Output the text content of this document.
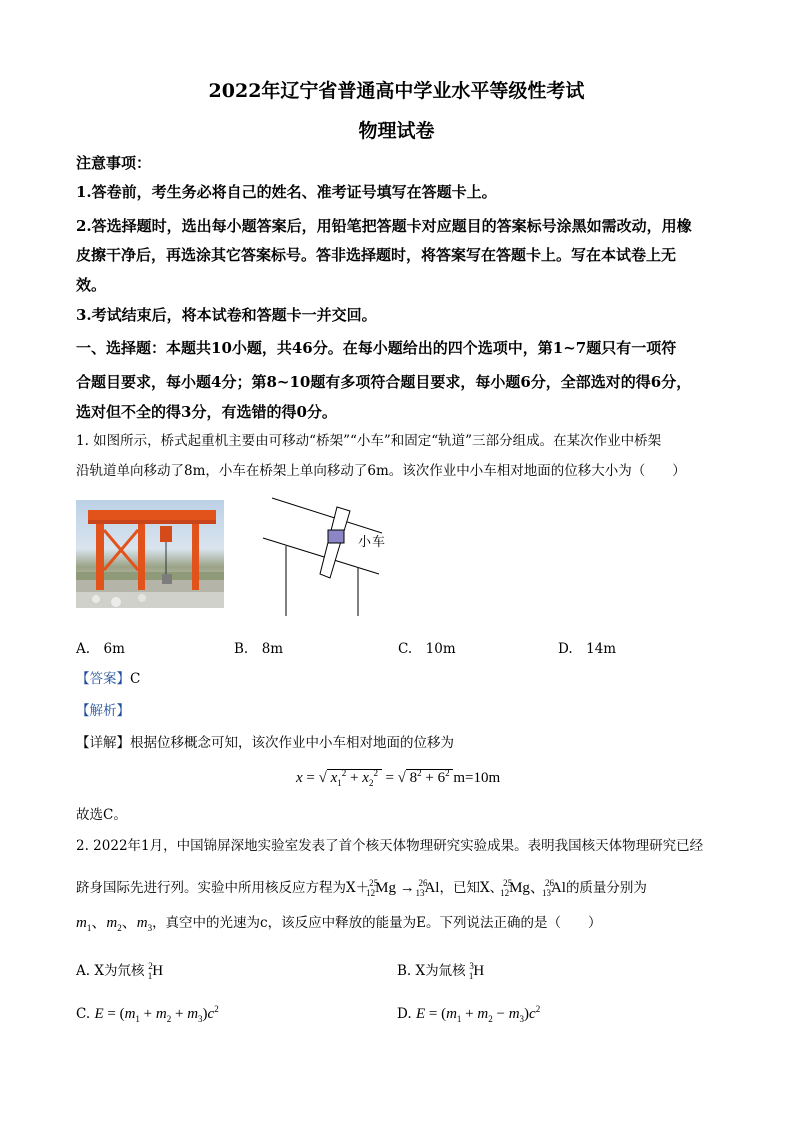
2022年辽宁省普通高中学业水平等级性考试
物理试卷
注意事项：
1.答卷前，考生务必将自己的姓名、准考证号填写在答题卡上。
2.答选择题时，选出每小题答案后，用铅笔把答题卡对应题目的答案标号涂黑如需改动，用橡
皮擦干净后，再选涂其它答案标号。答非选择题时，将答案写在答题卡上。写在本试卷上无
效。
3.考试结束后，将本试卷和答题卡一并交回。
一、选择题：本题共10小题，共46分。在每小题给出的四个选项中，第1~7题只有一项符
合题目要求，每小题4分；第8~10题有多项符合题目要求，每小题6分，全部选对的得6分，
选对但不全的得3分，有选错的得0分。
1. 如图所示，桥式起重机主要由可移动“桥架”“小车”和固定“轨道”三部分组成。在某次作业中桥架
沿轨道单向移动了8m，小车在桥架上单向移动了6m。该次作业中小车相对地面的位移大小为（　　）
小车
A.　6m	B.　8m	C.　10m	D.　14m
【答案】C
【解析】
【详解】根据位移概念可知，该次作业中小车相对地面的位移为
x = √ $x_1^2 + x_2^2$  = √ $8^2 + 6^2$ m=10m
故选C。
2. 2022年1月，中国锦屏深地实验室发表了首个核天体物理研究实验成果。表明我国核天体物理研究已经
跻身国际先进行列。实验中所用核反应方程为X＋$^{25}_{12}$Mg → $^{26}_{13}$Al，已知X、$^{25}_{12}$Mg、$^{26}_{13}$Al的质量分别为
$m_1$、$m_2$、$m_3$，真空中的光速为c，该反应中释放的能量为E。下列说法正确的是（　　）
A. X为氘核 $^2_1$H	B. X为氚核 $^3_1$H
C. $E = (m_1 + m_2 + m_3)c^2$	D. $E = (m_1 + m_2 - m_3)c^2$
